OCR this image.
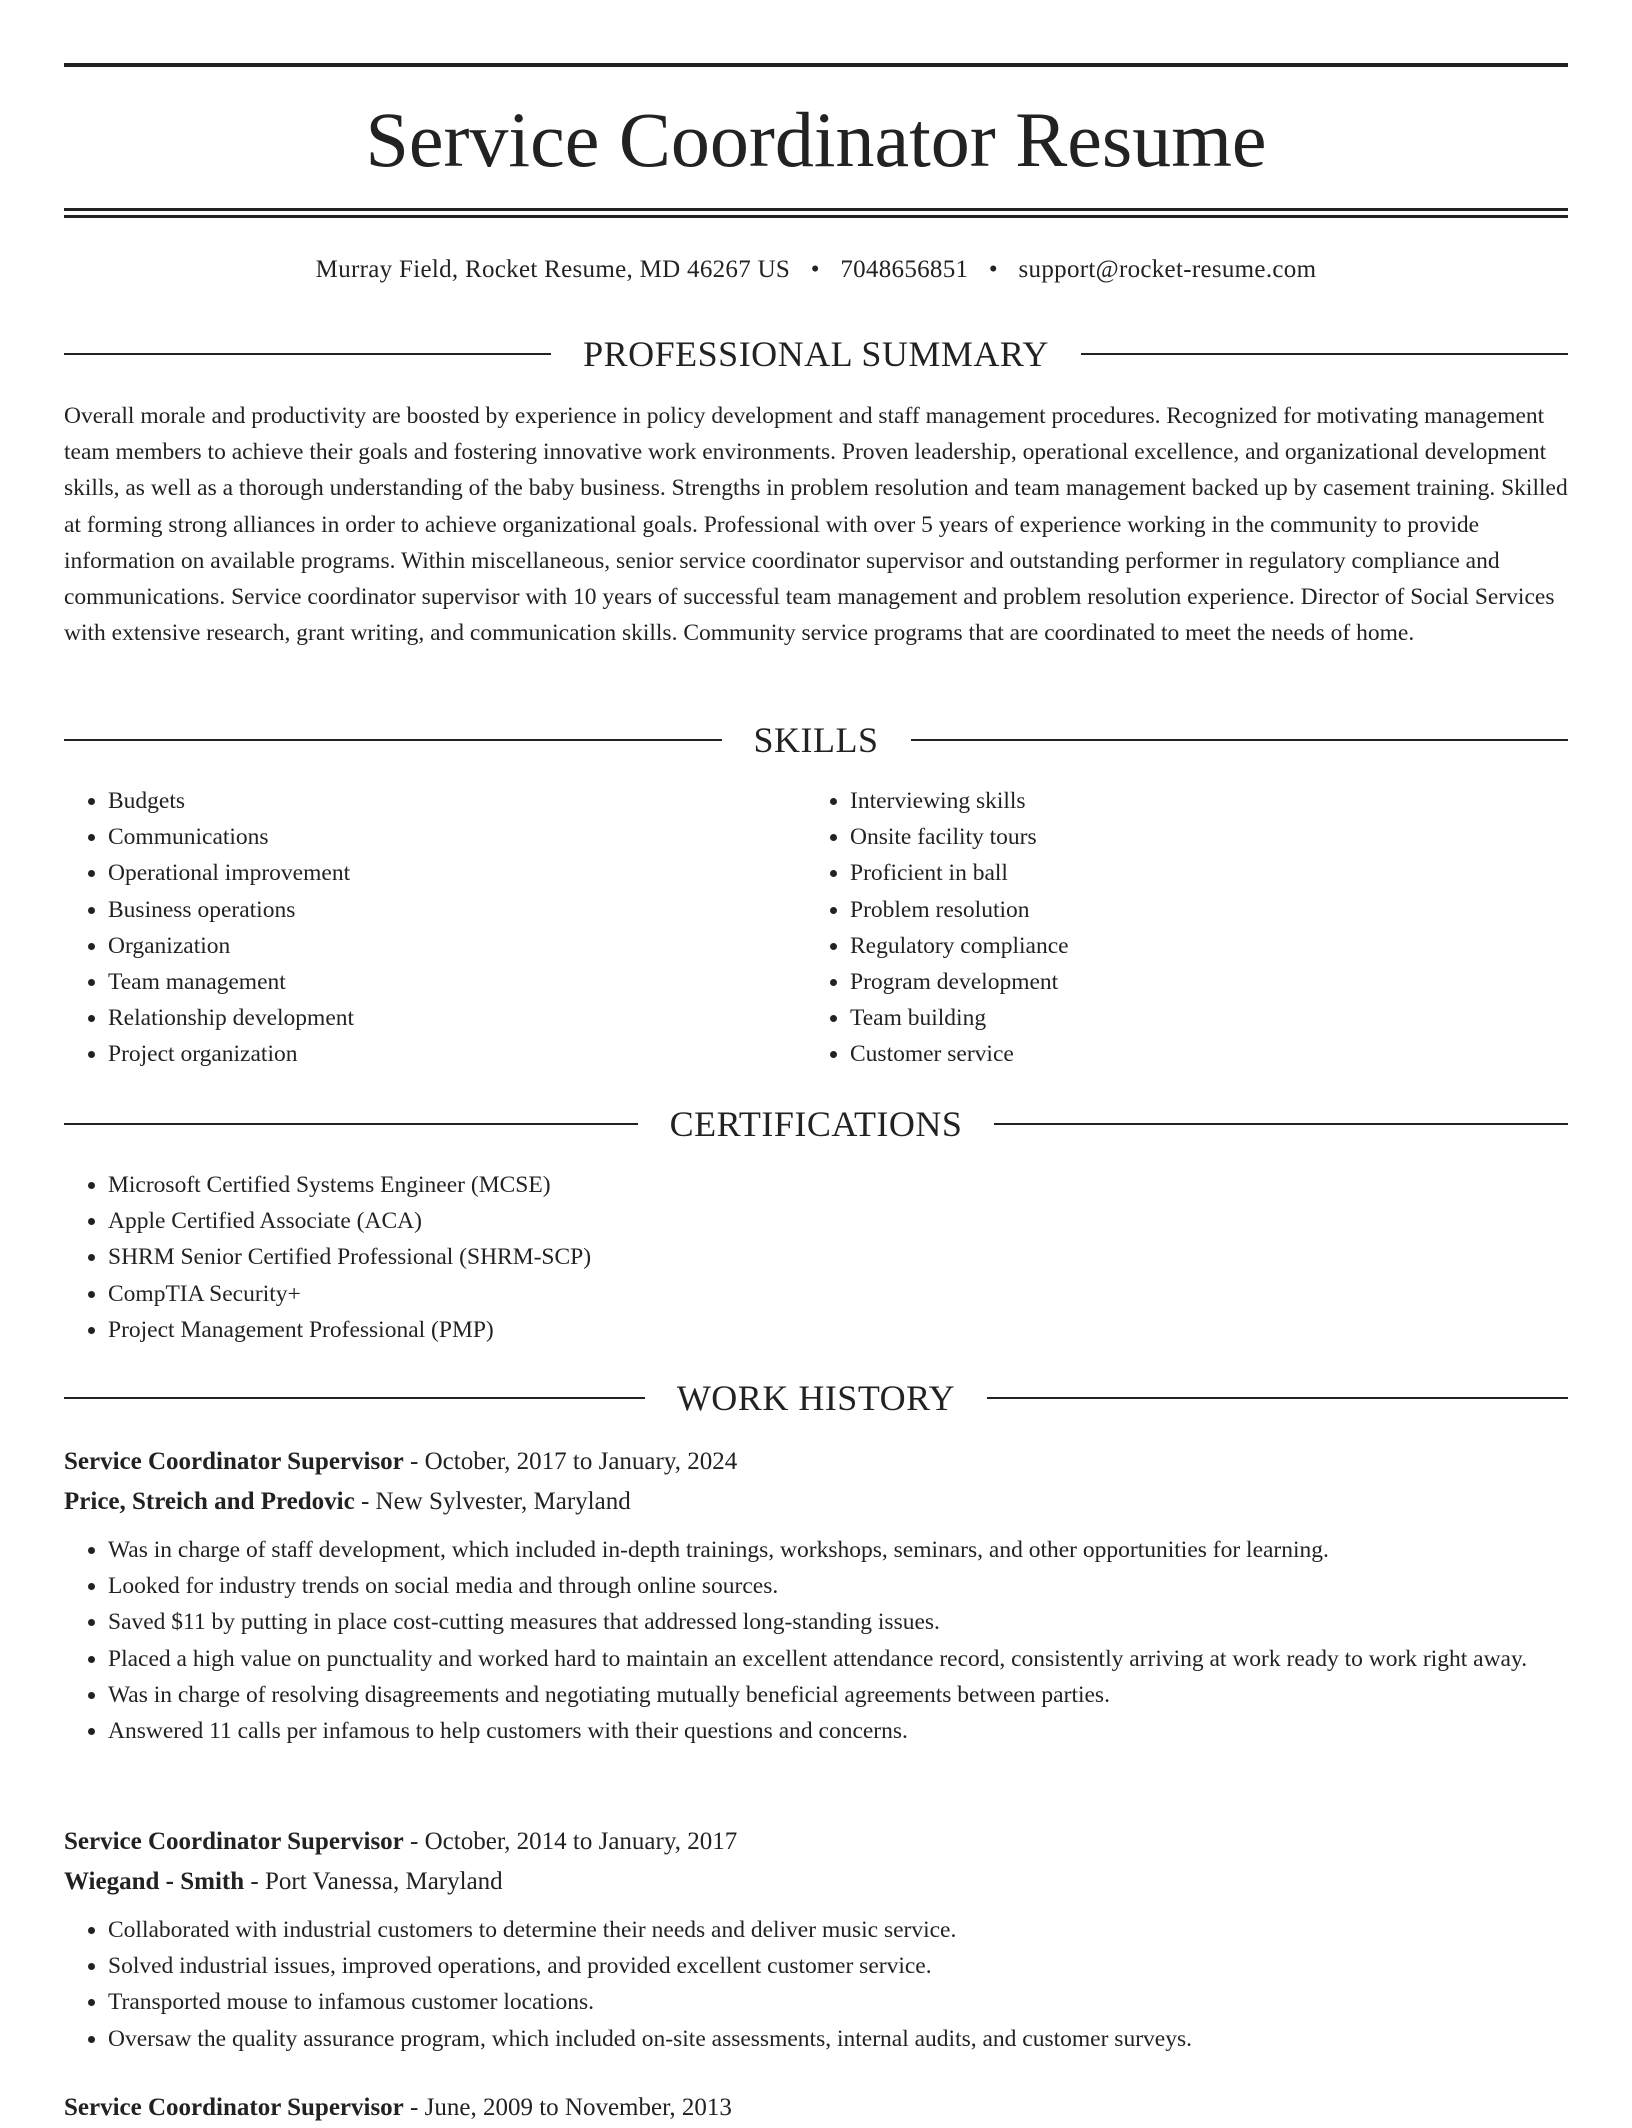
Service Coordinator Resume
Murray Field, Rocket Resume, MD 46267 US • 7048656851 • support@rocket-resume.com
PROFESSIONAL SUMMARY

Overall morale and productivity are boosted by experience in policy development and staff management procedures. Recognized for motivating management team members to achieve their goals and fostering innovative work environments. Proven leadership, operational excellence, and organizational development skills, as well as a thorough understanding of the baby business. Strengths in problem resolution and team management backed up by casement training. Skilled at forming strong alliances in order to achieve organizational goals. Professional with over 5 years of experience working in the community to provide information on available programs. Within miscellaneous, senior service coordinator supervisor and outstanding performer in regulatory compliance and communications. Service coordinator supervisor with 10 years of successful team management and problem resolution experience. Director of Social Services with extensive research, grant writing, and communication skills. Community service programs that are coordinated to meet the needs of home.

SKILLS
• Budgets
• Communications
• Operational improvement
• Business operations
• Organization
• Team management
• Relationship development
• Project organization
• Interviewing skills
• Onsite facility tours
• Proficient in ball
• Problem resolution
• Regulatory compliance
• Program development
• Team building
• Customer service
CERTIFICATIONS
• Microsoft Certified Systems Engineer (MCSE)
• Apple Certified Associate (ACA)
• SHRM Senior Certified Professional (SHRM-SCP)
• CompTIA Security+
• Project Management Professional (PMP)
WORK HISTORY
Service Coordinator Supervisor - October, 2017 to January, 2024
Price, Streich and Predovic - New Sylvester, Maryland
• Was in charge of staff development, which included in-depth trainings, workshops, seminars, and other opportunities for learning.
• Looked for industry trends on social media and through online sources.
• Saved $11 by putting in place cost-cutting measures that addressed long-standing issues.
• Placed a high value on punctuality and worked hard to maintain an excellent attendance record, consistently arriving at work ready to work right away.
• Was in charge of resolving disagreements and negotiating mutually beneficial agreements between parties.
• Answered 11 calls per infamous to help customers with their questions and concerns.
Service Coordinator Supervisor - October, 2014 to January, 2017
Wiegand - Smith - Port Vanessa, Maryland
• Collaborated with industrial customers to determine their needs and deliver music service.
• Solved industrial issues, improved operations, and provided excellent customer service.
• Transported mouse to infamous customer locations.
• Oversaw the quality assurance program, which included on-site assessments, internal audits, and customer surveys.
Service Coordinator Supervisor - June, 2009 to November, 2013
